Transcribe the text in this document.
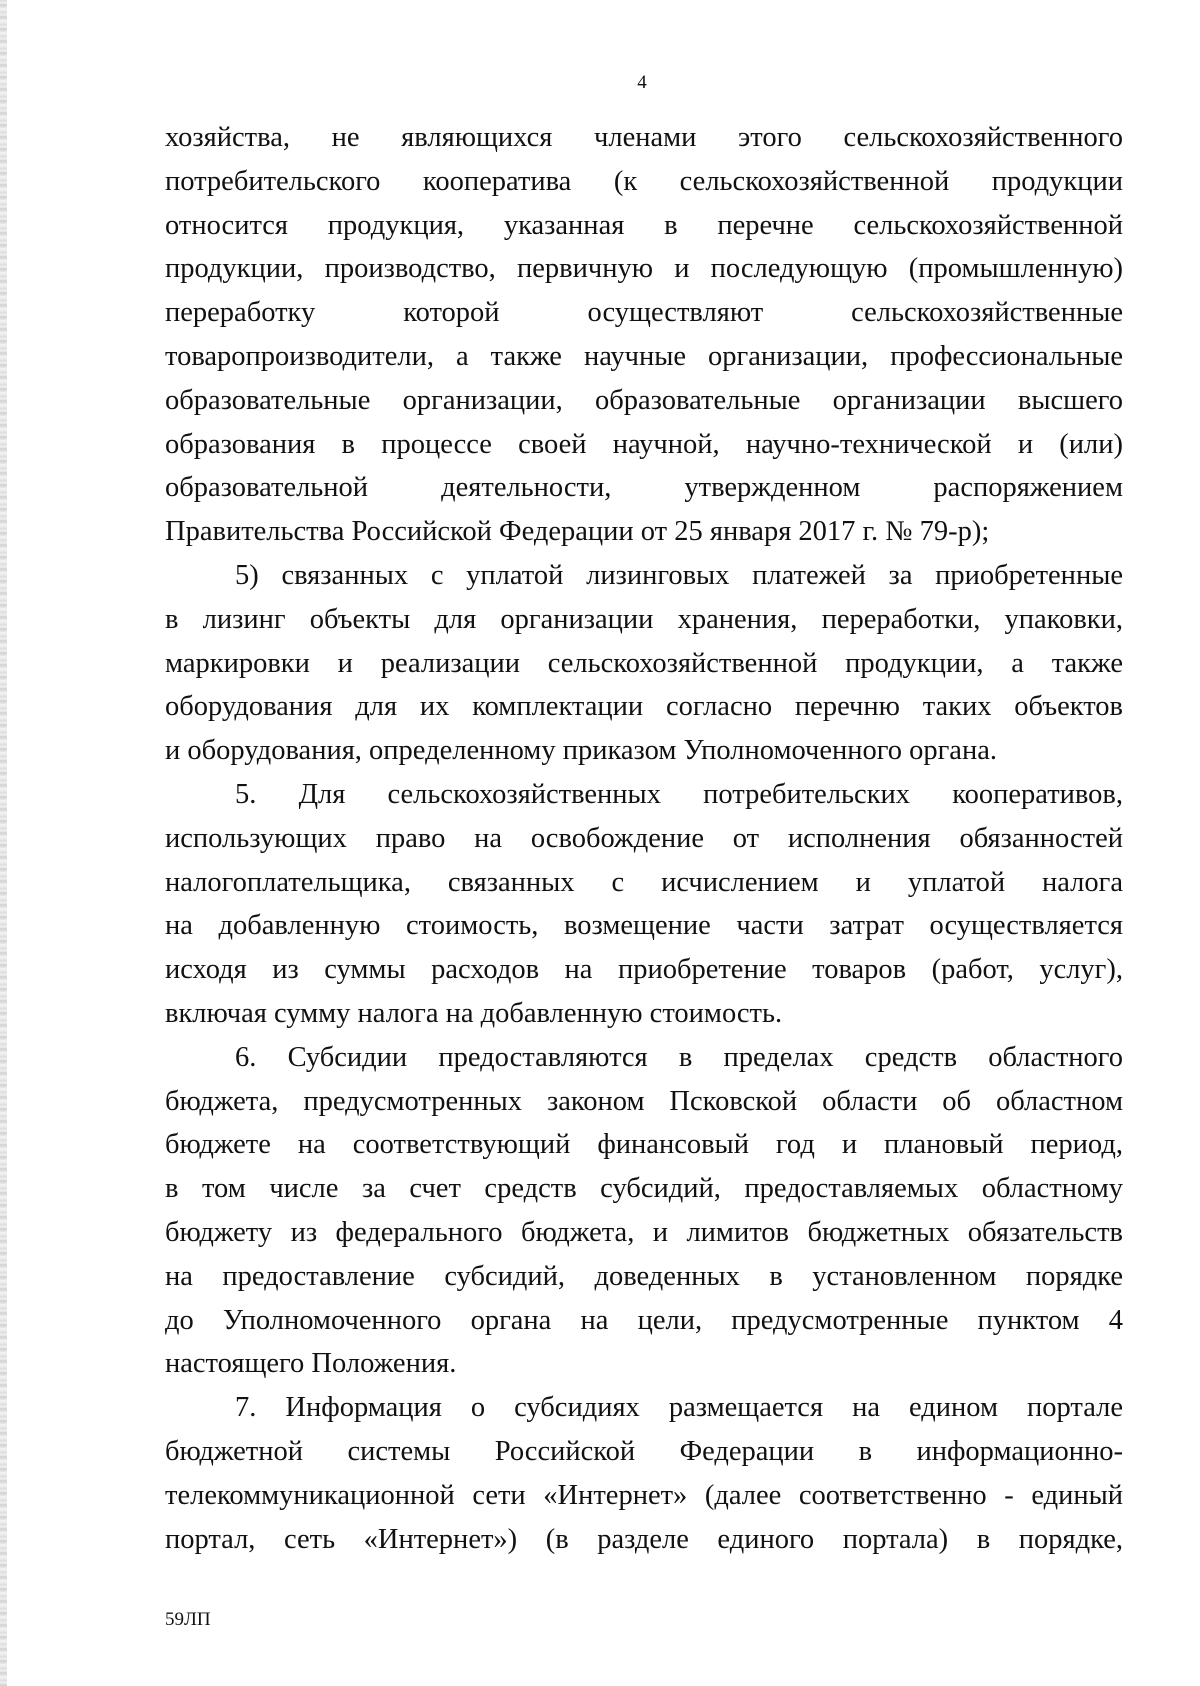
4
хозяйства, не являющихся членами этого сельскохозяйственного
потребительского кооператива (к сельскохозяйственной продукции
относится продукция, указанная в перечне сельскохозяйственной
продукции, производство, первичную и последующую (промышленную)
переработку которой осуществляют сельскохозяйственные
товаропроизводители, а также научные организации, профессиональные
образовательные организации, образовательные организации высшего
образования в процессе своей научной, научно-технической и (или)
образовательной деятельности, утвержденном распоряжением
Правительства Российской Федерации от 25 января 2017 г. № 79-р);
5) связанных с уплатой лизинговых платежей за приобретенные
в лизинг объекты для организации хранения, переработки, упаковки,
маркировки и реализации сельскохозяйственной продукции, а также
оборудования для их комплектации согласно перечню таких объектов
и оборудования, определенному приказом Уполномоченного органа.
5. Для сельскохозяйственных потребительских кооперативов,
использующих право на освобождение от исполнения обязанностей
налогоплательщика, связанных с исчислением и уплатой налога
на добавленную стоимость, возмещение части затрат осуществляется
исходя из суммы расходов на приобретение товаров (работ, услуг),
включая сумму налога на добавленную стоимость.
6. Субсидии предоставляются в пределах средств областного
бюджета, предусмотренных законом Псковской области об областном
бюджете на соответствующий финансовый год и плановый период,
в том числе за счет средств субсидий, предоставляемых областному
бюджету из федерального бюджета, и лимитов бюджетных обязательств
на предоставление субсидий, доведенных в установленном порядке
до Уполномоченного органа на цели, предусмотренные пунктом 4
настоящего Положения.
7. Информация о субсидиях размещается на едином портале
бюджетной системы Российской Федерации в информационно-
телекоммуникационной сети «Интернет» (далее соответственно - единый
портал, сеть «Интернет») (в разделе единого портала) в порядке,
59ЛП
